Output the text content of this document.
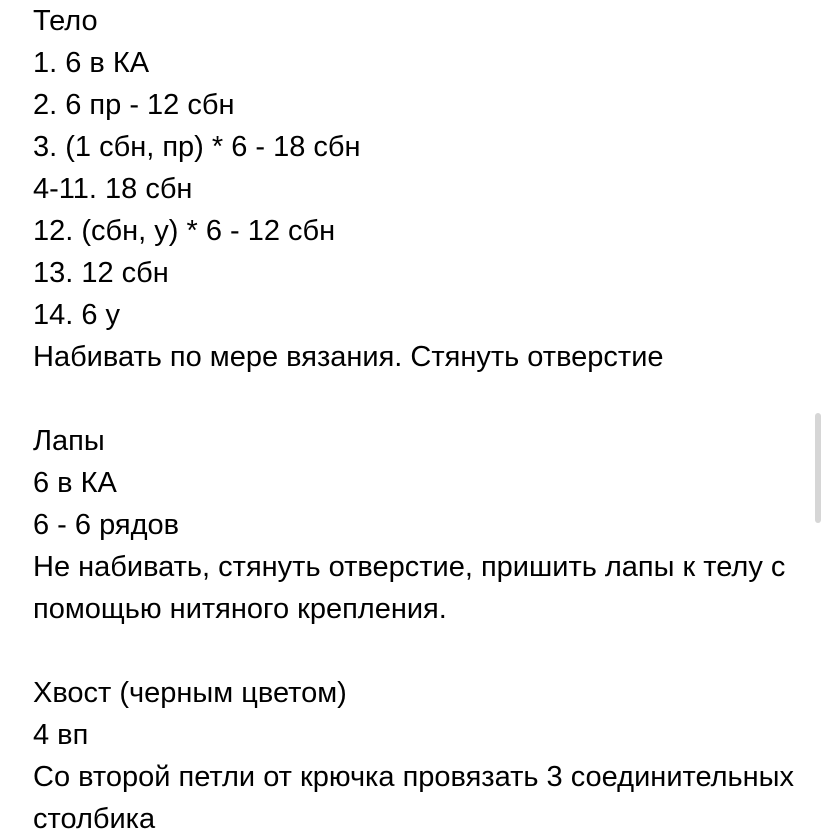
Тело
1. 6 в КА
2. 6 пр - 12 сбн
3. (1 сбн, пр) * 6 - 18 сбн
4-11. 18 сбн
12. (сбн, у) * 6 - 12 сбн
13. 12 сбн
14. 6 у
Набивать по мере вязания. Стянуть отверстие
Лапы
6 в КА
6 - 6 рядов
Не набивать, стянуть отверстие, пришить лапы к телу с помощью нитяного крепления.
Хвост (черным цветом)
4 вп
Со второй петли от крючка провязать 3 соединительных столбика
